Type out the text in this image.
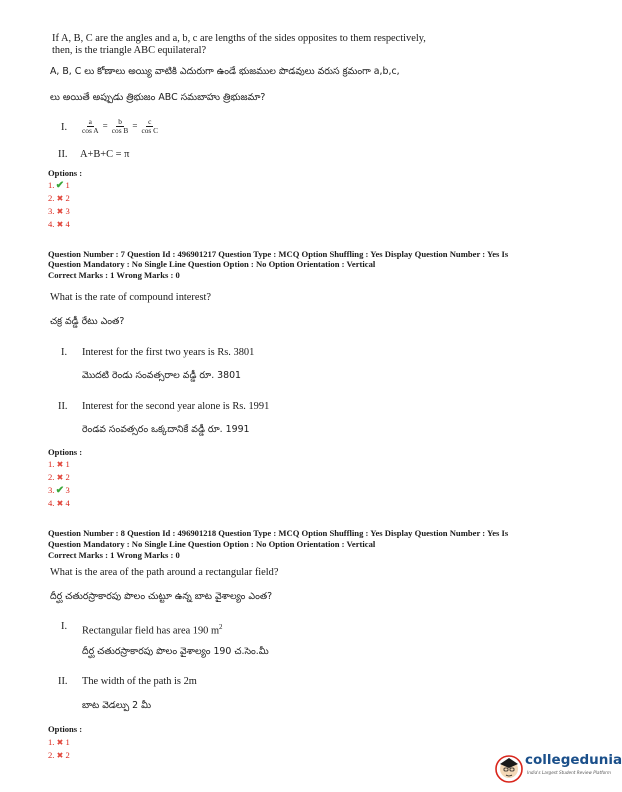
If A, B, C are the angles and a, b, c are lengths of the sides opposites to them respectively,
then, is the triangle ABC equilateral?
A, B, C లు కోణాలు అయ్యి వాటికి ఎదురుగా ఉండే భుజముల పొడవులు వరుస క్రమంగా a,b,c,
లు అయితే అప్పుడు త్రిభుజం ABC సమబాహు త్రిభుజమా?
I. $\frac{a}{\text{cos A}} = \frac{b}{\text{cos B}} = \frac{c}{\text{cos C}}$
II. A+B+C = π
Options :
1.✔1
2. ✖ 2
3. ✖ 3
4. ✖ 4
Question Number : 7 Question Id : 496901217 Question Type : MCQ Option Shuffling : Yes Display Question Number : Yes Is
Question Mandatory : No Single Line Question Option : No Option Orientation : Vertical
Correct Marks : 1 Wrong Marks : 0
What is the rate of compound interest?
చక్ర వడ్డీ రేటు ఎంత?
I. Interest for the first two years is Rs. 3801
మొదటి రెండు సంవత్సరాల వడ్డీ రూ. 3801
II. Interest for the second year alone is Rs. 1991
రెండవ సంవత్సరం ఒక్కదానికే వడ్డీ రూ. 1991
Options :
1. ✖ 1
2. ✖ 2
3.✔3
4. ✖ 4
Question Number : 8 Question Id : 496901218 Question Type : MCQ Option Shuffling : Yes Display Question Number : Yes Is
Question Mandatory : No Single Line Question Option : No Option Orientation : Vertical
Correct Marks : 1 Wrong Marks : 0
What is the area of the path around a rectangular field?
దీర్ఘ చతురస్రాకారపు పొలం చుట్టూ ఉన్న బాట వైశాల్యం ఎంత?
I. Rectangular field has area 190 $m^2$
దీర్ఘ చతురస్రాకారపు పొలం వైశాల్యం 190 చ.సెం.మీ
II. The width of the path is 2m
బాట వెడల్పు 2 మీ
Options :
1. ✖ 1
2. ✖ 2	collegedunia
India's Largest Student Review Platform
